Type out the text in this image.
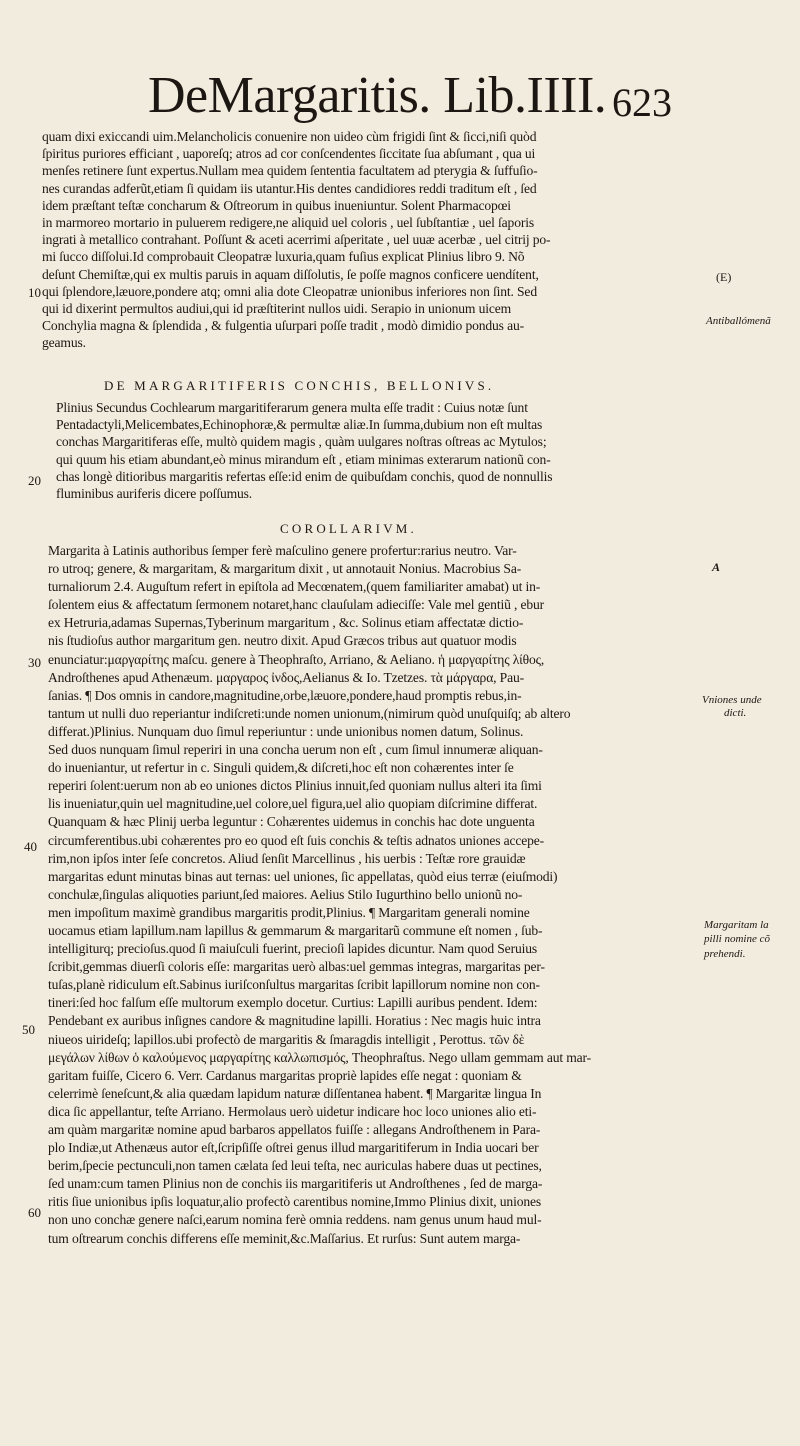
DeMargaritis. Lib.IIII. 623
quam dixi exiccandi uim.Melancholicis conuenire non uideo cùm frigidi ſint & ſicci,niſi quòd
ſpiritus puriores efficiant , uaporeſq; atros ad cor conſcendentes ſiccitate ſua abſumant , qua ui
menſes retinere ſunt expertus.Nullam mea quidem ſententia facultatem ad pterygia & ſuffuſio-
nes curandas adferũt,etiam ſi quidam iis utantur.His dentes candidiores reddi traditum eſt , ſed
idem præſtant teſtæ concharum & Oſtreorum in quibus inueniuntur. Solent Pharmacopœi
in marmoreo mortario in puluerem redigere,ne aliquid uel coloris , uel ſubſtantiæ , uel ſaporis
ingrati à metallico contrahant. Poſſunt & aceti acerrimi aſperitate , uel uuæ acerbæ , uel citrij po-
mi ſucco diſſolui.Id comprobauit Cleopatræ luxuria,quam fuſius explicat Plinius libro 9. Nõ
deſunt Chemiſtæ,qui ex multis paruis in aquam diſſolutis, ſe poſſe magnos conficere uendítent,
qui ſplendore,læuore,pondere atq; omni alia dote Cleopatræ unionibus inferiores non ſint. Sed
qui id dixerint permultos audiui,qui id præſtiterint nullos uidi. Serapio in unionum uicem
Conchylia magna & ſplendida , & fulgentia uſurpari poſſe tradit , modò dimidio pondus au-
geamus.
10
(E)
Antiballómenã
DE MARGARITIFERIS CONCHIS, BELLONIVS.
Plinius Secundus Cochlearum margaritiferarum genera multa eſſe tradit : Cuius notæ ſunt
Pentadactyli,Melicembates,Echinophoræ,& permultæ aliæ.In ſumma,dubium non eſt multas
conchas Margaritiferas eſſe, multò quidem magis , quàm uulgares noſtras oſtreas ac Mytulos;
qui quum his etiam abundant,eò minus mirandum eſt , etiam minimas exterarum nationũ con-
chas longè ditioribus margaritis refertas eſſe:id enim de quibuſdam conchis, quod de nonnullis
fluminibus auriferis dicere poſſumus.
20
COROLLARIVM.
A
Margarita à Latinis authoribus ſemper ferè maſculino genere profertur:rarius neutro. Var-
ro utroq; genere, & margaritam, & margaritum dixit , ut annotauit Nonius. Macrobius Sa-
turnaliorum 2.4. Auguſtum refert in epiſtola ad Mecœnatem,(quem familiariter amabat) ut in-
ſolentem eius & affectatum ſermonem notaret,hanc clauſulam adieciſſe: Vale mel gentiũ , ebur
ex Hetruria,adamas Supernas,Tyberinum margaritum , &c. Solinus etiam affectatæ dictio-
nis ſtudioſus author margaritum gen. neutro dixit. Apud Græcos tribus aut quatuor modis
enunciatur:μαργαρίτης maſcu. genere à Theophraſto, Arriano, & Aeliano. ἡ μαργαρίτης λίθος,
Androſthenes apud Athenæum. μαργαρος ἰνδος,Aelianus & Io. Tzetzes. τὰ μάργαρα, Pau-
ſanias. ¶ Dos omnis in candore,magnitudine,orbe,læuore,pondere,haud promptis rebus,in-
tantum ut nulli duo reperiantur indiſcreti:unde nomen unionum,(nimirum quòd unuſquiſq; ab altero
differat.)Plinius. Nunquam duo ſimul reperiuntur : unde unionibus nomen datum, Solinus.
Sed duos nunquam ſimul reperiri in una concha uerum non eſt , cum ſimul innumeræ aliquan-
do inueniantur, ut refertur in c. Singuli quidem,& diſcreti,hoc eſt non cohærentes inter ſe
reperiri ſolent:uerum non ab eo uniones dictos Plinius innuit,ſed quoniam nullus alteri ita ſimi
lis inueniatur,quin uel magnitudine,uel colore,uel figura,uel alio quopiam diſcrimine differat.
Quanquam & hæc Plinij uerba leguntur : Cohærentes uidemus in conchis hac dote unguenta
circumferentibus.ubi cohærentes pro eo quod eſt ſuis conchis & teſtis adnatos uniones accepe-
rim,non ipſos inter ſeſe concretos. Aliud ſenſit Marcellinus , his uerbis : Teſtæ rore grauidæ
margaritas edunt minutas binas aut ternas: uel uniones, ſic appellatas, quòd eius terræ (eiuſmodi)
conchulæ,ſingulas aliquoties pariunt,ſed maiores. Aelius Stilo Iugurthino bello unionũ no-
men impoſitum maximè grandibus margaritis prodit,Plinius. ¶ Margaritam generali nomine
uocamus etiam lapillum.nam lapillus & gemmarum & margaritarũ commune eſt nomen , ſub-
intelligiturq; precioſus.quod ſi maiuſculi fuerint, precioſi lapides dicuntur. Nam quod Seruius
ſcribit,gemmas diuerſi coloris eſſe: margaritas uerò albas:uel gemmas integras, margaritas per-
tuſas,planè ridiculum eſt.Sabinus iuriſconſultus margaritas ſcribit lapillorum nomine non con-
tineri:ſed hoc falſum eſſe multorum exemplo docetur. Curtius: Lapilli auribus pendent. Idem:
Pendebant ex auribus inſignes candore & magnitudine lapilli. Horatius : Nec magis huic intra
niueos uirideſq; lapillos.ubi profectò de margaritis & ſmaragdis intelligit , Perottus. τῶν δὲ
μεγάλων λίθων ὁ καλούμενος μαργαρίτης καλλωπισμός, Theophraſtus. Nego ullam gemmam aut mar-
garitam fuiſſe, Cicero 6. Verr. Cardanus margaritas propriè lapides eſſe negat : quoniam &
celerrimè ſeneſcunt,& alia quædam lapidum naturæ diſſentanea habent. ¶ Margaritæ lingua In
dica ſic appellantur, teſte Arriano. Hermolaus uerò uidetur indicare hoc loco uniones alio eti-
am quàm margaritæ nomine apud barbaros appellatos fuiſſe : allegans Androſthenem in Para-
plo Indiæ,ut Athenæus autor eſt,ſcripſiſſe oſtrei genus illud margaritiferum in India uocari ber
berim,ſpecie pectunculi,non tamen cælata ſed leui teſta, nec auriculas habere duas ut pectines,
ſed unam:cum tamen Plinius non de conchis iis margaritiferis ut Androſthenes , ſed de marga-
ritis ſiue unionibus ipſis loquatur,alio profectò carentibus nomine,Immo Plinius dixit, uniones
non uno conchæ genere naſci,earum nomina ferè omnia reddens. nam genus unum haud mul-
tum oſtrearum conchis differens eſſe meminit,&c.Maſſarius. Et rurſus: Sunt autem marga-
30
40
50
60
Vniones unde
dicti.
Margaritam la
pilli nomine cõ
prehendi.
